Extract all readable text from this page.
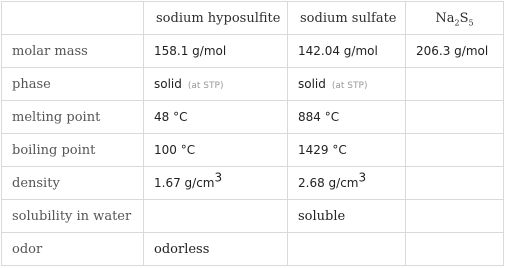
	sodium hyposulfite	sodium sulfate	$Na_2S_5$
molar mass	158.1 g/mol	142.04 g/mol	206.3 g/mol
phase	solid (at STP)	solid (at STP)	
melting point	48 °C	884 °C	
boiling point	100 °C	1429 °C	
density	1.67 $g/cm^3$	2.68 $g/cm^3$	
solubility in water		soluble	
odor	odorless		
